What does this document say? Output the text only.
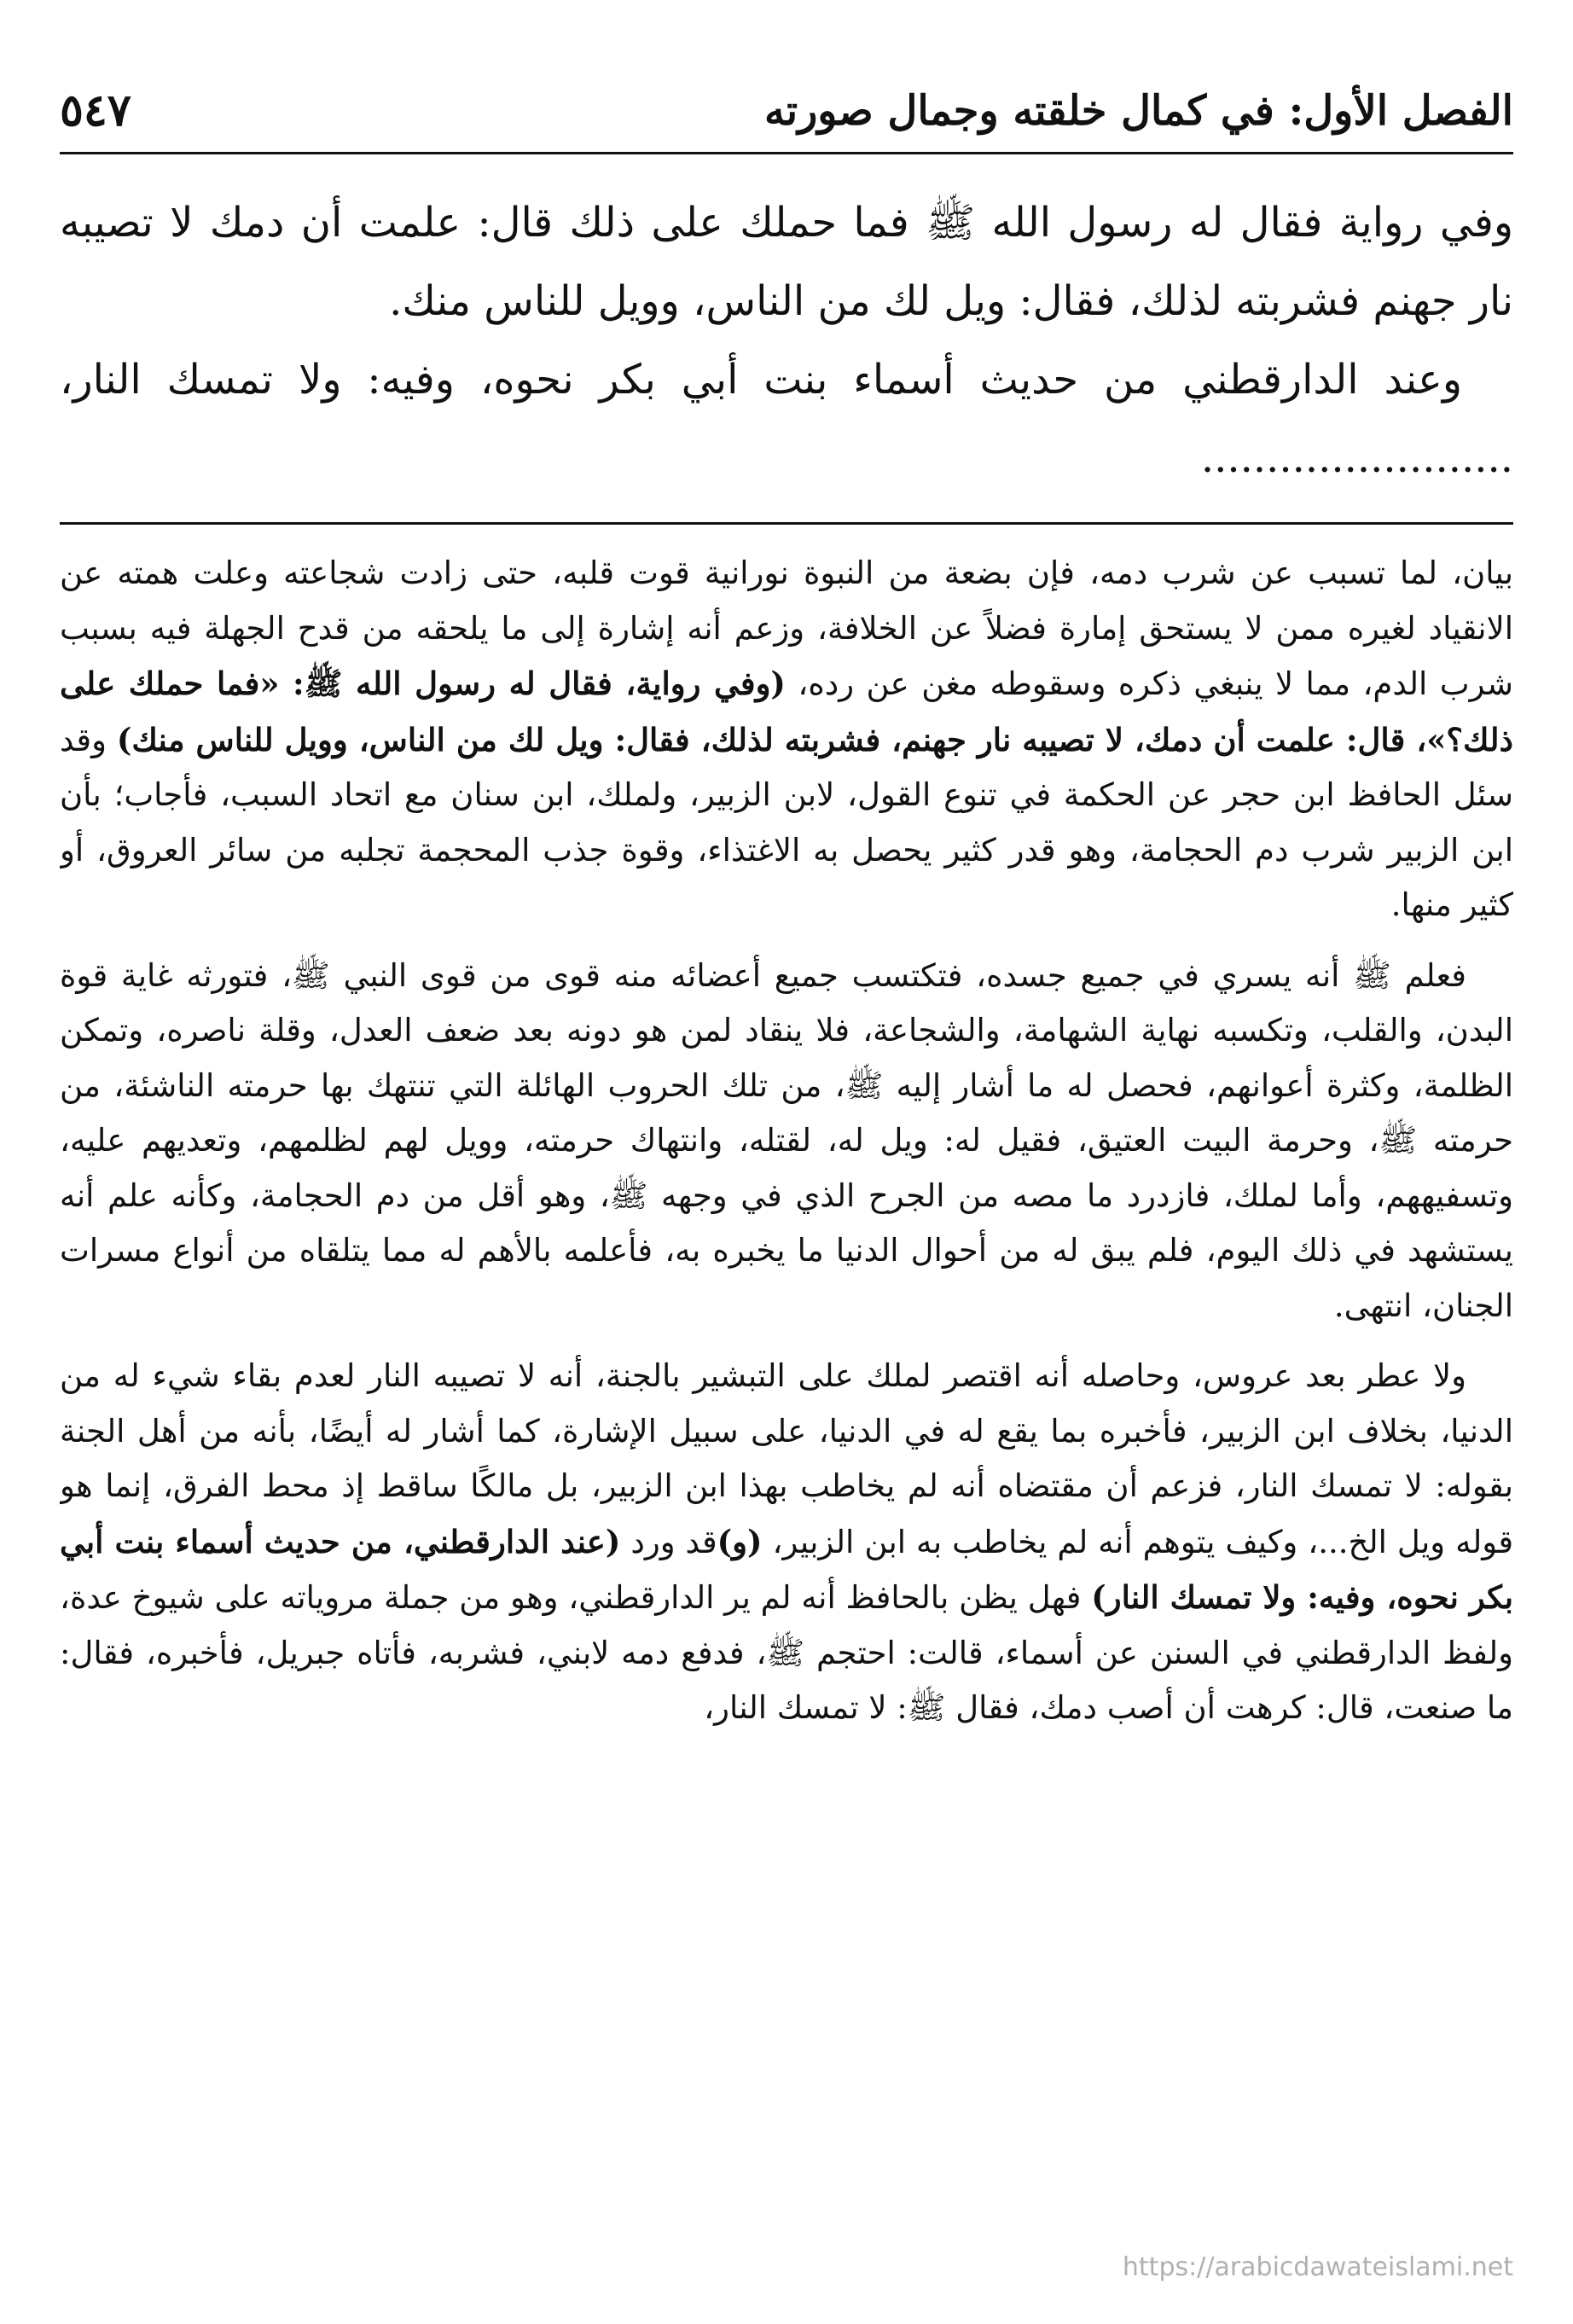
الفصل الأول: في كمال خلقته وجمال صورته
٥٤٧

وفي رواية فقال له رسول الله ﷺ فما حملك على ذلك قال: علمت أن دمك لا تصيبه نار جهنم فشربته لذلك، فقال: ويل لك من الناس، وويل للناس منك.

وعند الدارقطني من حديث أسماء بنت أبي بكر نحوه، وفيه: ولا تمسك النار، ........................

بيان، لما تسبب عن شرب دمه، فإن بضعة من النبوة نورانية قوت قلبه، حتى زادت شجاعته وعلت همته عن الانقياد لغيره ممن لا يستحق إمارة فضلاً عن الخلافة، وزعم أنه إشارة إلى ما يلحقه من قدح الجهلة فيه بسبب شرب الدم، مما لا ينبغي ذكره وسقوطه مغن عن رده، (وفي رواية، فقال له رسول الله ﷺ: «فما حملك على ذلك؟»، قال: علمت أن دمك، لا تصيبه نار جهنم، فشربته لذلك، فقال: ويل لك من الناس، وويل للناس منك) وقد سئل الحافظ ابن حجر عن الحكمة في تنوع القول، لابن الزبير، ولملك، ابن سنان مع اتحاد السبب، فأجاب؛ بأن ابن الزبير شرب دم الحجامة، وهو قدر كثير يحصل به الاغتذاء، وقوة جذب المحجمة تجلبه من سائر العروق، أو كثير منها.

فعلم ﷺ أنه يسري في جميع جسده، فتكتسب جميع أعضائه منه قوى من قوى النبي ﷺ، فتورثه غاية قوة البدن، والقلب، وتكسبه نهاية الشهامة، والشجاعة، فلا ينقاد لمن هو دونه بعد ضعف العدل، وقلة ناصره، وتمكن الظلمة، وكثرة أعوانهم، فحصل له ما أشار إليه ﷺ، من تلك الحروب الهائلة التي تنتهك بها حرمته الناشئة، من حرمته ﷺ، وحرمة البيت العتيق، فقيل له: ويل له، لقتله، وانتهاك حرمته، وويل لهم لظلمهم، وتعديهم عليه، وتسفيههم، وأما لملك، فازدرد ما مصه من الجرح الذي في وجهه ﷺ، وهو أقل من دم الحجامة، وكأنه علم أنه يستشهد في ذلك اليوم، فلم يبق له من أحوال الدنيا ما يخبره به، فأعلمه بالأهم له مما يتلقاه من أنواع مسرات الجنان، انتهى.

ولا عطر بعد عروس، وحاصله أنه اقتصر لملك على التبشير بالجنة، أنه لا تصيبه النار لعدم بقاء شيء له من الدنيا، بخلاف ابن الزبير، فأخبره بما يقع له في الدنيا، على سبيل الإشارة، كما أشار له أيضًا، بأنه من أهل الجنة بقوله: لا تمسك النار، فزعم أن مقتضاه أنه لم يخاطب بهذا ابن الزبير، بل مالكًا ساقط إذ محط الفرق، إنما هو قوله ويل الخ...، وكيف يتوهم أنه لم يخاطب به ابن الزبير، (و)قد ورد (عند الدارقطني، من حديث أسماء بنت أبي بكر نحوه، وفيه: ولا تمسك النار) فهل يظن بالحافظ أنه لم ير الدارقطني، وهو من جملة مروياته على شيوخ عدة، ولفظ الدارقطني في السنن عن أسماء، قالت: احتجم ﷺ، فدفع دمه لابني، فشربه، فأتاه جبريل، فأخبره، فقال: ما صنعت، قال: كرهت أن أصب دمك، فقال ﷺ: لا تمسك النار،

https://arabicdawateislami.net
